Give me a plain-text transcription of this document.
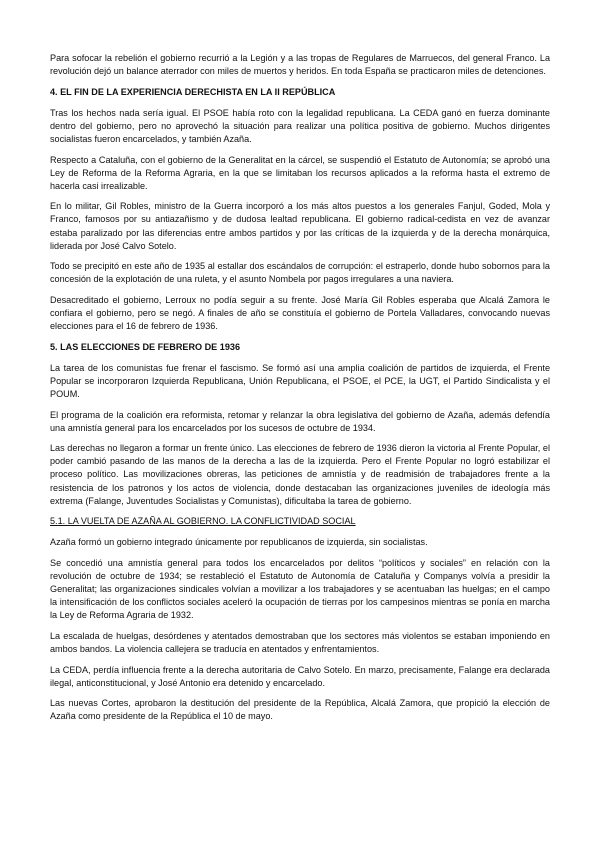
Para sofocar la rebelión el gobierno recurrió a la Legión y a las tropas de Regulares de Marruecos, del general Franco. La revolución dejó un balance aterrador con miles de muertos y heridos. En toda España se practicaron miles de detenciones.

4. EL FIN DE LA EXPERIENCIA DERECHISTA EN LA II REPÚBLICA

Tras los hechos nada sería igual. El PSOE había roto con la legalidad republicana. La CEDA ganó en fuerza dominante dentro del gobierno, pero no aprovechó la situación para realizar una política positiva de gobierno. Muchos dirigentes socialistas fueron encarcelados, y también Azaña.

Respecto a Cataluña, con el gobierno de la Generalitat en la cárcel, se suspendió el Estatuto de Autonomía; se aprobó una Ley de Reforma de la Reforma Agraria, en la que se limitaban los recursos aplicados a la reforma hasta el extremo de hacerla casi irrealizable.

En lo militar, Gil Robles, ministro de la Guerra incorporó a los más altos puestos a los generales Fanjul, Goded, Mola y Franco, famosos por su antiazañismo y de dudosa lealtad republicana. El gobierno radical-cedista en vez de avanzar estaba paralizado por las diferencias entre ambos partidos y por las críticas de la izquierda y de la derecha monárquica, liderada por José Calvo Sotelo.

Todo se precipitó en este año de 1935 al estallar dos escándalos de corrupción: el estraperlo, donde hubo sobornos para la concesión de la explotación de una ruleta, y el asunto Nombela por pagos irregulares a una naviera.

Desacreditado el gobierno, Lerroux no podía seguir a su frente. José María Gil Robles esperaba que Alcalá Zamora le confiara el gobierno, pero se negó. A finales de año se constituía el gobierno de Portela Valladares, convocando nuevas elecciones para el 16 de febrero de 1936.

5. LAS ELECCIONES DE FEBRERO DE 1936

La tarea de los comunistas fue frenar el fascismo. Se formó así una amplia coalición de partidos de izquierda, el Frente Popular se incorporaron Izquierda Republicana, Unión Republicana, el PSOE, el PCE, la UGT, el Partido Sindicalista y el POUM.

El programa de la coalición era reformista, retomar y relanzar la obra legislativa del gobierno de Azaña, además defendía una amnistía general para los encarcelados por los sucesos de octubre de 1934.

Las derechas no llegaron a formar un frente único. Las elecciones de febrero de 1936 dieron la victoria al Frente Popular, el poder cambió pasando de las manos de la derecha a las de la izquierda. Pero el Frente Popular no logró estabilizar el proceso político. Las movilizaciones obreras, las peticiones de amnistía y de readmisión de trabajadores frente a la resistencia de los patronos y los actos de violencia, donde destacaban las organizaciones juveniles de ideología más extrema (Falange, Juventudes Socialistas y Comunistas), dificultaba la tarea de gobierno.

5.1. LA VUELTA DE AZAÑA AL GOBIERNO. LA CONFLICTIVIDAD SOCIAL

Azaña formó un gobierno integrado únicamente por republicanos de izquierda, sin socialistas.

Se concedió una amnistía general para todos los encarcelados por delitos “políticos y sociales” en relación con la revolución de octubre de 1934; se restableció el Estatuto de Autonomía de Cataluña y Companys volvía a presidir la Generalitat; las organizaciones sindicales volvían a movilizar a los trabajadores y se acentuaban las huelgas; en el campo la intensificación de los conflictos sociales aceleró la ocupación de tierras por los campesinos mientras se ponía en marcha la Ley de Reforma Agraria de 1932.

La escalada de huelgas, desórdenes y atentados demostraban que los sectores más violentos se estaban imponiendo en ambos bandos. La violencia callejera se traducía en atentados y enfrentamientos.

La CEDA, perdía influencia frente a la derecha autoritaria de Calvo Sotelo. En marzo, precisamente, Falange era declarada ilegal, anticonstitucional, y José Antonio era detenido y encarcelado.

Las nuevas Cortes, aprobaron la destitución del presidente de la República, Alcalá Zamora, que propició la elección de Azaña como presidente de la República el 10 de mayo.
